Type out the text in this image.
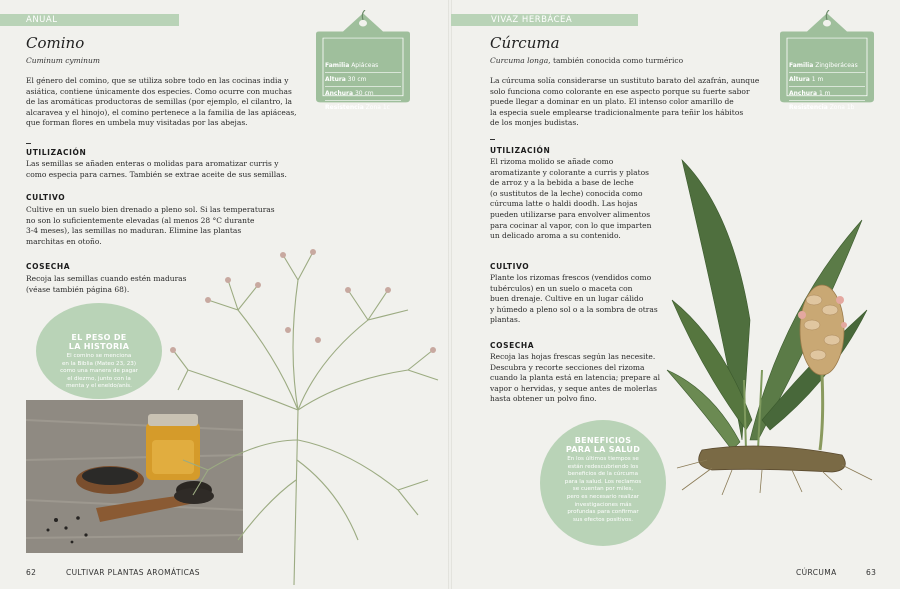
ANUAL
Comino
Cuminum cyminum
El género del comino, que se utiliza sobre todo en las cocinas india y
asiática, contiene únicamente dos especies. Como ocurre con muchas
de las aromáticas productoras de semillas (por ejemplo, el cilantro, la
alcaravea y el hinojo), el comino pertenece a la familia de las apiáceas,
que forman flores en umbela muy visitadas por las abejas.
UTILIZACIÓN
Las semillas se añaden enteras o molidas para aromatizar curris y
como especia para carnes. También se extrae aceite de sus semillas.
CULTIVO
Cultive en un suelo bien drenado a pleno sol. Si las temperaturas
no son lo suficientemente elevadas (al menos 28 °C durante
3-4 meses), las semillas no maduran. Elimine las plantas
marchitas en otoño.
COSECHA
Recoja las semillas cuando estén maduras
(véase también página 68).
Familia Apiáceas
Altura 30 cm
Anchura 30 cm
Resistencia Zona 1c
EL PESO DE
LA HISTORIA
El comino se menciona
en la Biblia (Mateo 23, 23)
como una manera de pagar
el diezmo, junto con la
menta y el eneldo/anís.
62	CULTIVAR PLANTAS AROMÁTICAS
VIVAZ HERBÁCEA
Cúrcuma
Curcuma longa, también conocida como turmérico
La cúrcuma solía considerarse un sustituto barato del azafrán, aunque
solo funciona como colorante en ese aspecto porque su fuerte sabor
puede llegar a dominar en un plato. El intenso color amarillo de
la especia suele emplearse tradicionalmente para teñir los hábitos
de los monjes budistas.
UTILIZACIÓN
El rizoma molido se añade como
aromatizante y colorante a curris y platos
de arroz y a la bebida a base de leche
(o sustitutos de la leche) conocida como
cúrcuma latte o haldi doodh. Las hojas
pueden utilizarse para envolver alimentos
para cocinar al vapor, con lo que imparten
un delicado aroma a su contenido.
CULTIVO
Plante los rizomas frescos (vendidos como
tubérculos) en un suelo o maceta con
buen drenaje. Cultive en un lugar cálido
y húmedo a pleno sol o a la sombra de otras
plantas.
COSECHA
Recoja las hojas frescas según las necesite.
Descubra y recorte secciones del rizoma
cuando la planta está en latencia; prepare al
vapor o hervidas, y seque antes de molerlas
hasta obtener un polvo fino.
Familia Zingiberáceas
Altura 1 m
Anchura 1 m
Resistencia Zona 1b
BENEFICIOS
PARA LA SALUD
En los últimos tiempos se
están redescubriendo los
beneficios de la cúrcuma
para la salud. Los reclamos
se cuentan por miles,
pero es necesario realizar
investigaciones más
profundas para confirmar
sus efectos positivos.
CÚRCUMA	63
